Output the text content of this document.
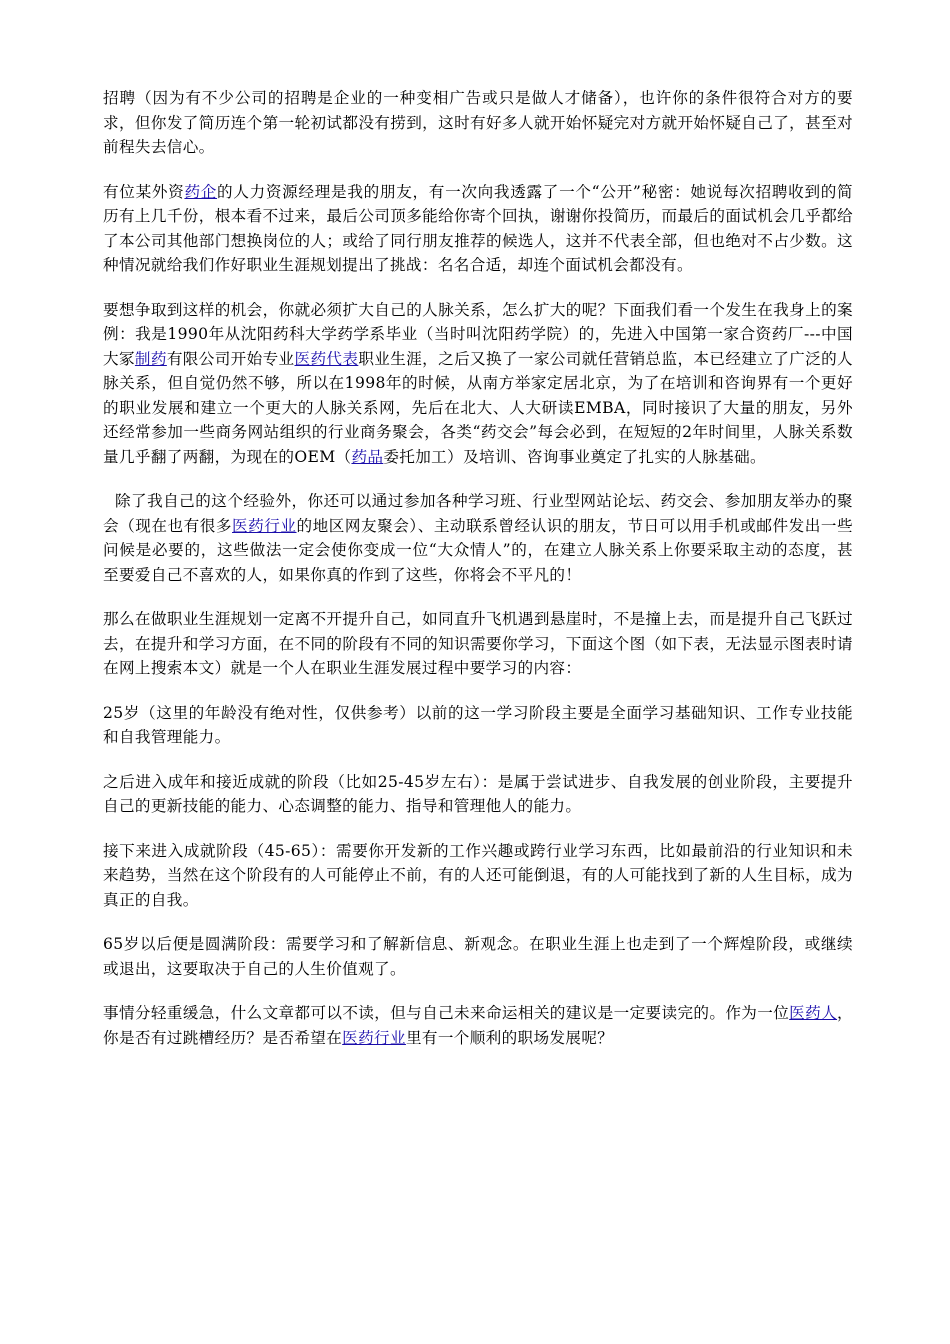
招聘（因为有不少公司的招聘是企业的一种变相广告或只是做人才储备），也许你的条件很符合对方的要求，但你发了简历连个第一轮初试都没有捞到，这时有好多人就开始怀疑完对方就开始怀疑自己了，甚至对前程失去信心。

有位某外资药企的人力资源经理是我的朋友，有一次向我透露了一个“公开”秘密：她说每次招聘收到的简历有上几千份，根本看不过来，最后公司顶多能给你寄个回执，谢谢你投简历，而最后的面试机会几乎都给了本公司其他部门想换岗位的人；或给了同行朋友推荐的候选人，这并不代表全部，但也绝对不占少数。这种情况就给我们作好职业生涯规划提出了挑战：名名合适，却连个面试机会都没有。

要想争取到这样的机会，你就必须扩大自己的人脉关系，怎么扩大的呢？下面我们看一个发生在我身上的案例：我是1990年从沈阳药科大学药学系毕业（当时叫沈阳药学院）的，先进入中国第一家合资药厂---中国大冢制药有限公司开始专业医药代表职业生涯，之后又换了一家公司就任营销总监，本已经建立了广泛的人脉关系，但自觉仍然不够，所以在1998年的时候，从南方举家定居北京，为了在培训和咨询界有一个更好的职业发展和建立一个更大的人脉关系网，先后在北大、人大研读EMBA，同时接识了大量的朋友，另外还经常参加一些商务网站组织的行业商务聚会，各类“药交会”每会必到，在短短的2年时间里，人脉关系数量几乎翻了两翻，为现在的OEM（药品委托加工）及培训、咨询事业奠定了扎实的人脉基础。

除了我自己的这个经验外，你还可以通过参加各种学习班、行业型网站论坛、药交会、参加朋友举办的聚会（现在也有很多医药行业的地区网友聚会）、主动联系曾经认识的朋友，节日可以用手机或邮件发出一些问候是必要的，这些做法一定会使你变成一位“大众情人”的，在建立人脉关系上你要采取主动的态度，甚至要爱自己不喜欢的人，如果你真的作到了这些，你将会不平凡的！

那么在做职业生涯规划一定离不开提升自己，如同直升飞机遇到悬崖时，不是撞上去，而是提升自己飞跃过去，在提升和学习方面，在不同的阶段有不同的知识需要你学习，下面这个图（如下表，无法显示图表时请在网上搜索本文）就是一个人在职业生涯发展过程中要学习的内容：

25岁（这里的年龄没有绝对性，仅供参考）以前的这一学习阶段主要是全面学习基础知识、工作专业技能和自我管理能力。

之后进入成年和接近成就的阶段（比如25-45岁左右）：是属于尝试进步、自我发展的创业阶段，主要提升自己的更新技能的能力、心态调整的能力、指导和管理他人的能力。

接下来进入成就阶段（45-65）：需要你开发新的工作兴趣或跨行业学习东西，比如最前沿的行业知识和未来趋势，当然在这个阶段有的人可能停止不前，有的人还可能倒退，有的人可能找到了新的人生目标，成为真正的自我。

65岁以后便是圆满阶段：需要学习和了解新信息、新观念。在职业生涯上也走到了一个辉煌阶段，或继续或退出，这要取决于自己的人生价值观了。

事情分轻重缓急，什么文章都可以不读，但与自己未来命运相关的建议是一定要读完的。作为一位医药人，你是否有过跳槽经历？是否希望在医药行业里有一个顺利的职场发展呢？
